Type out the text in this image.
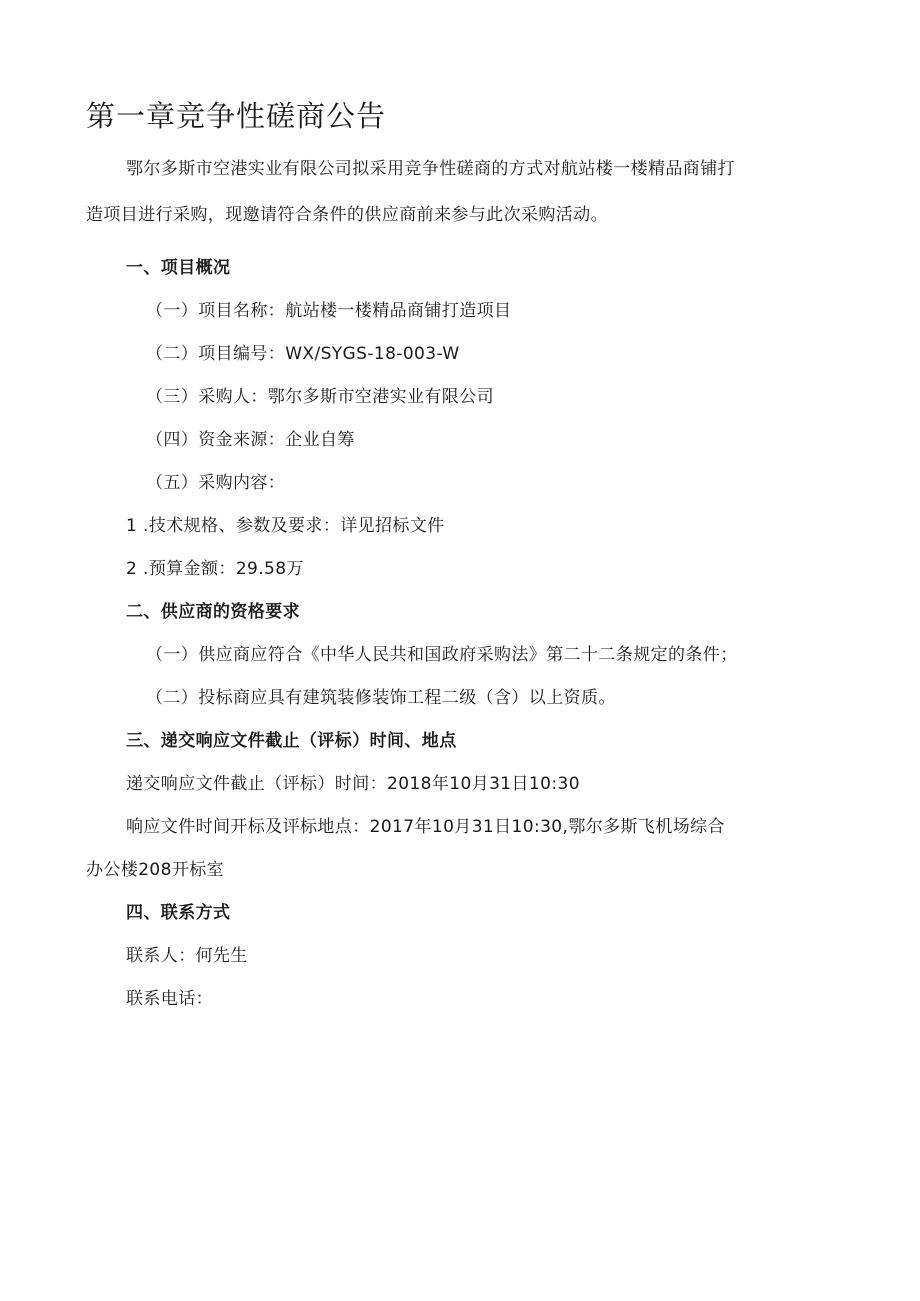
第一章竞争性磋商公告

鄂尔多斯市空港实业有限公司拟采用竞争性磋商的方式对航站楼一楼精品商铺打

造项目进行采购，现邀请符合条件的供应商前来参与此次采购活动。

一、项目概况

（一）项目名称：航站楼一楼精品商铺打造项目

（二）项目编号：WX/SYGS-18-003-W

（三）采购人：鄂尔多斯市空港实业有限公司

（四）资金来源：企业自筹

（五）采购内容：

1 .技术规格、参数及要求：详见招标文件

2 .预算金额：29.58万

二、供应商的资格要求

（一）供应商应符合《中华人民共和国政府采购法》第二十二条规定的条件；

（二）投标商应具有建筑装修装饰工程二级（含）以上资质。

三、递交响应文件截止（评标）时间、地点

递交响应文件截止（评标）时间：2018年10月31日10:30

响应文件时间开标及评标地点：2017年10月31日10:30,鄂尔多斯飞机场综合

办公楼208开标室

四、联系方式

联系人：何先生

联系电话：
